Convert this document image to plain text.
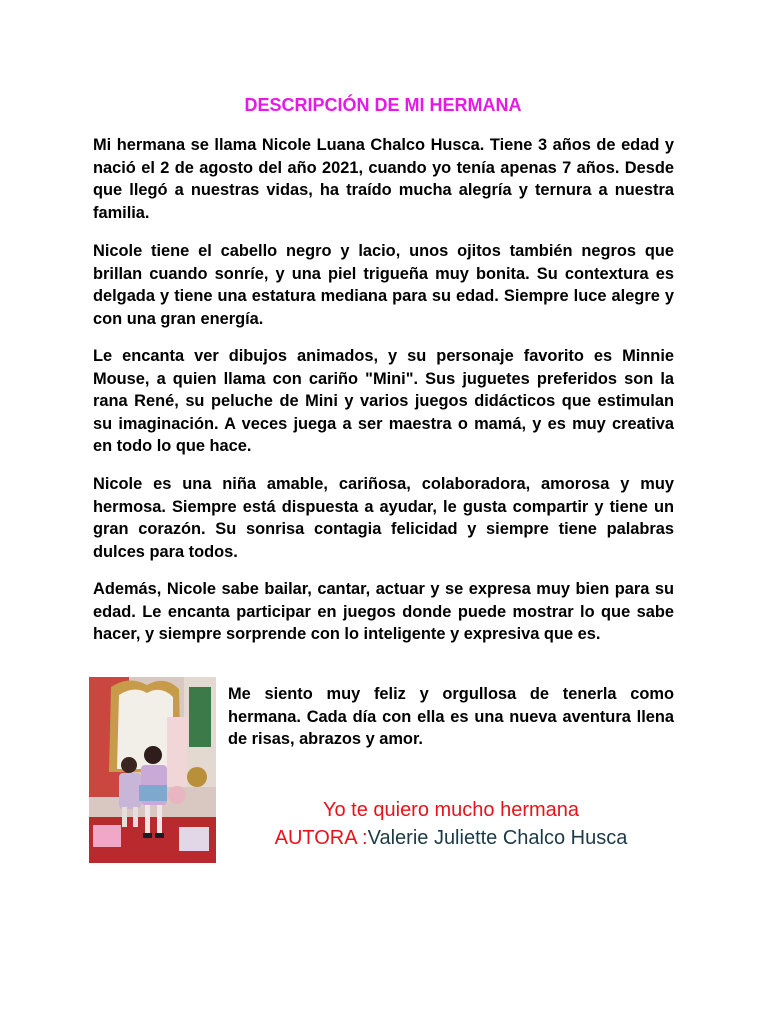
DESCRIPCIÓN DE MI HERMANA

Mi hermana se llama Nicole Luana Chalco Husca. Tiene 3 años de edad y nació el 2 de agosto del año 2021, cuando yo tenía apenas 7 años. Desde que llegó a nuestras vidas, ha traído mucha alegría y ternura a nuestra familia.

Nicole tiene el cabello negro y lacio, unos ojitos también negros que brillan cuando sonríe, y una piel trigueña muy bonita. Su contextura es delgada y tiene una estatura mediana para su edad. Siempre luce alegre y con una gran energía.

Le encanta ver dibujos animados, y su personaje favorito es Minnie Mouse, a quien llama con cariño "Mini". Sus juguetes preferidos son la rana René, su peluche de Mini y varios juegos didácticos que estimulan su imaginación. A veces juega a ser maestra o mamá, y es muy creativa en todo lo que hace.

Nicole es una niña amable, cariñosa, colaboradora, amorosa y muy hermosa. Siempre está dispuesta a ayudar, le gusta compartir y tiene un gran corazón. Su sonrisa contagia felicidad y siempre tiene palabras dulces para todos.

Además, Nicole sabe bailar, cantar, actuar y se expresa muy bien para su edad. Le encanta participar en juegos donde puede mostrar lo que sabe hacer, y siempre sorprende con lo inteligente y expresiva que es.

Me siento muy feliz y orgullosa de tenerla como hermana. Cada día con ella es una nueva aventura llena de risas, abrazos y amor.

Yo te quiero mucho hermana

AUTORA :Valerie Juliette Chalco Husca
